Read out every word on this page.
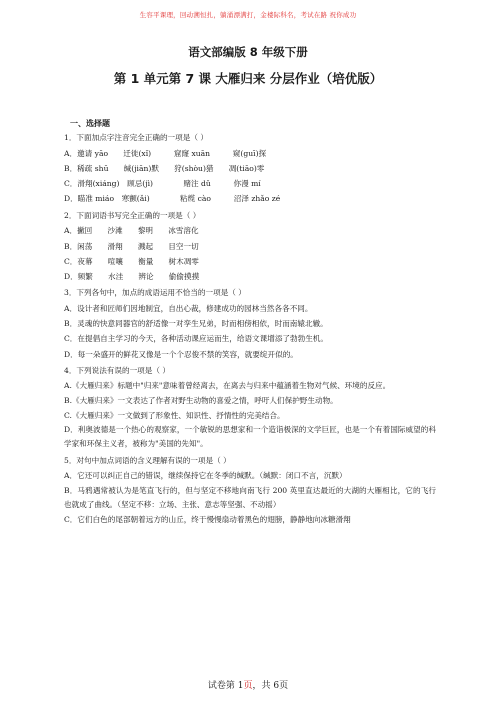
生容平课理，回动溯恒扎，躺涌漂满打，金楼际科名，考试在路 祝你成功
语文部编版 8 年级下册
第 1 单元第 7 课 大雁归来 分层作业（培优版）
一、选择题
1．下面加点字注音完全正确的一项是（ ）
A．邀请 yāo　　迁徙(xǐ)　　　窟窿 xuān　　　窥(guī)探
B．稀疏 shū　　缄(jiān)默　　狩(shòu)猎　　凋(tiāo)零
C．滑翔(xiáng)　顾忌(jì)　　　　赌注 dǔ　　　你漫 mí
D．瞄准 miáo　寒颤(ǎi)　　　　粘缆 cào　　　沼泽 zhǎo zé
2．下面词语书写完全正确的一项是（ ）
A．撇回　　沙滩　　黎明　　冰雪溶化
B．闲荡　　滑翔　　溅起　　目空一切
C．夜幕　　喧嚷　　衡量　　树木凋零
D．频繁　　水洼　　辨论　　偷偷摸摸
3．下列各句中，加点的成语运用不恰当的一项是（ ）
A．设计者和匠师们因地制宜，自出心裁，修建成功的园林当然各各不同。
B．灵魂的快意同器官的舒适像一对孪生兄弟，时而相傍相依，时而南辕北辙。
C．在提倡自主学习的今天，各种活动课应运而生，给语文课增添了勃勃生机。
D．每一朵盛开的鲜花又像是一个个忍俊不禁的笑容，就要绽开似的。
4．下列说法有误的一项是（ ）
A.《大雁归来》标题中"归来"意味着曾经离去，在离去与归来中蕴涵着生物对气候、环境的反应。
B.《大雁归来》一文表达了作者对野生动物的喜爱之情，呼吁人们保护野生动物。
C.《大雁归来》一文做到了形象性、知识性、抒情性的完美结合。
D．利奥波德是一个热心的观察家，一个敏锐的思想家和一个造诣极深的文学巨匠，也是一个有着国际威望的科学家和环保主义者，被称为"美国的先知"。
5．对句中加点词语的含义理解有误的一项是（ ）
A．它还可以纠正自己的错误，继续保持它在冬季的缄默。（缄默：闭口不言，沉默）
B．马鸦遇常被认为是笔直飞行的，但与坚定不移地向南飞行 200 英里直达最近的大湖的大雁相比，它的飞行也就成了曲线。（坚定不移：立场、主张、意志等坚强、不动摇）
C．它们白色的尾部朝着远方的山丘，终于慢慢扇动着黑色的翅膀，静静地向冰糖滑翔
试卷第 1页，共 6页
